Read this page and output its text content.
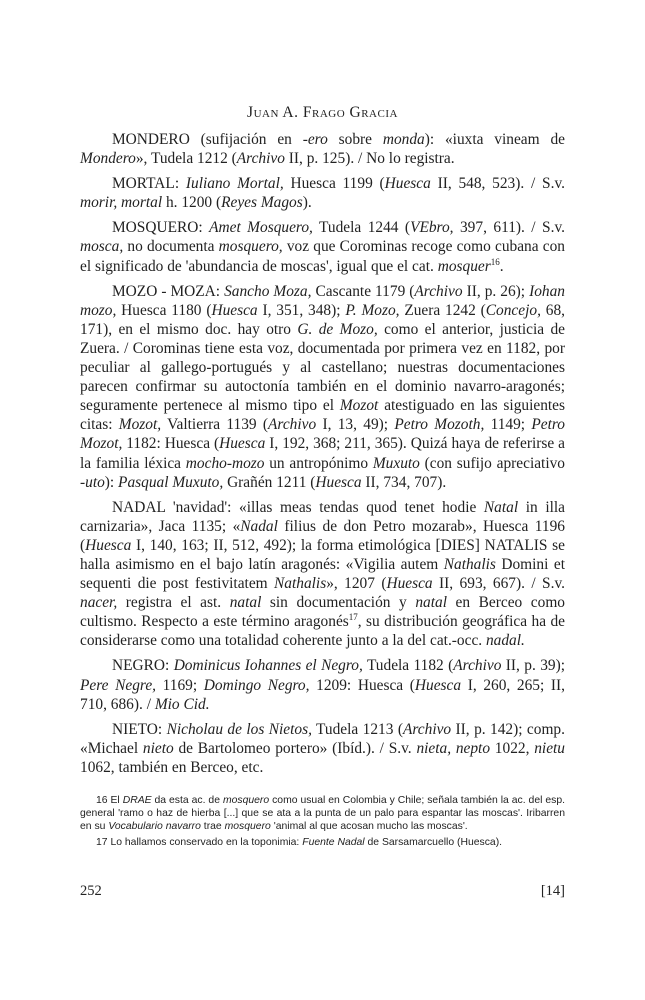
Juan A. Frago Gracia

MONDERO (sufijación en -ero sobre monda): «iuxta vineam de Mondero», Tudela 1212 (Archivo II, p. 125). / No lo registra.

MORTAL: Iuliano Mortal, Huesca 1199 (Huesca II, 548, 523). / S.v. morir, mortal h. 1200 (Reyes Magos).

MOSQUERO: Amet Mosquero, Tudela 1244 (VEbro, 397, 611). / S.v. mosca, no documenta mosquero, voz que Corominas recoge como cubana con el significado de 'abundancia de moscas', igual que el cat. mosquer$^{16}$.

MOZO - MOZA: Sancho Moza, Cascante 1179 (Archivo II, p. 26); Iohan mozo, Huesca 1180 (Huesca I, 351, 348); P. Mozo, Zuera 1242 (Concejo, 68, 171), en el mismo doc. hay otro G. de Mozo, como el anterior, justicia de Zuera. / Corominas tiene esta voz, documentada por primera vez en 1182, por peculiar al gallego-portugués y al castellano; nuestras documentaciones parecen confirmar su autoctonía también en el dominio navarro-aragonés; seguramente pertenece al mismo tipo el Mozot atestiguado en las siguientes citas: Mozot, Valtierra 1139 (Archivo I, 13, 49); Petro Mozoth, 1149; Petro Mozot, 1182: Huesca (Huesca I, 192, 368; 211, 365). Quizá haya de referirse a la familia léxica mocho-mozo un antropónimo Muxuto (con sufijo apreciativo -uto): Pasqual Muxuto, Grañén 1211 (Huesca II, 734, 707).

NADAL 'navidad': «illas meas tendas quod tenet hodie Natal in illa carnizaria», Jaca 1135; «Nadal filius de don Petro mozarab», Huesca 1196 (Huesca I, 140, 163; II, 512, 492); la forma etimológica [DIES] NATALIS se halla asimismo en el bajo latín aragonés: «Vigilia autem Nathalis Domini et sequenti die post festivitatem Nathalis», 1207 (Huesca II, 693, 667). / S.v. nacer, registra el ast. natal sin documentación y natal en Berceo como cultismo. Respecto a este término aragonés$^{17}$, su distribución geográfica ha de considerarse como una totalidad coherente junto a la del cat.-occ. nadal.

NEGRO: Dominicus Iohannes el Negro, Tudela 1182 (Archivo II, p. 39); Pere Negre, 1169; Domingo Negro, 1209: Huesca (Huesca I, 260, 265; II, 710, 686). / Mio Cid.

NIETO: Nicholau de los Nietos, Tudela 1213 (Archivo II, p. 142); comp. «Michael nieto de Bartolomeo portero» (Ibíd.). / S.v. nieta, nepto 1022, nietu 1062, también en Berceo, etc.

16 El DRAE da esta ac. de mosquero como usual en Colombia y Chile; señala también la ac. del esp. general 'ramo o haz de hierba [...] que se ata a la punta de un palo para espantar las moscas'. Iribarren en su Vocabulario navarro trae mosquero 'animal al que acosan mucho las moscas'.

17 Lo hallamos conservado en la toponimia: Fuente Nadal de Sarsamarcuello (Huesca).

252	[14]
